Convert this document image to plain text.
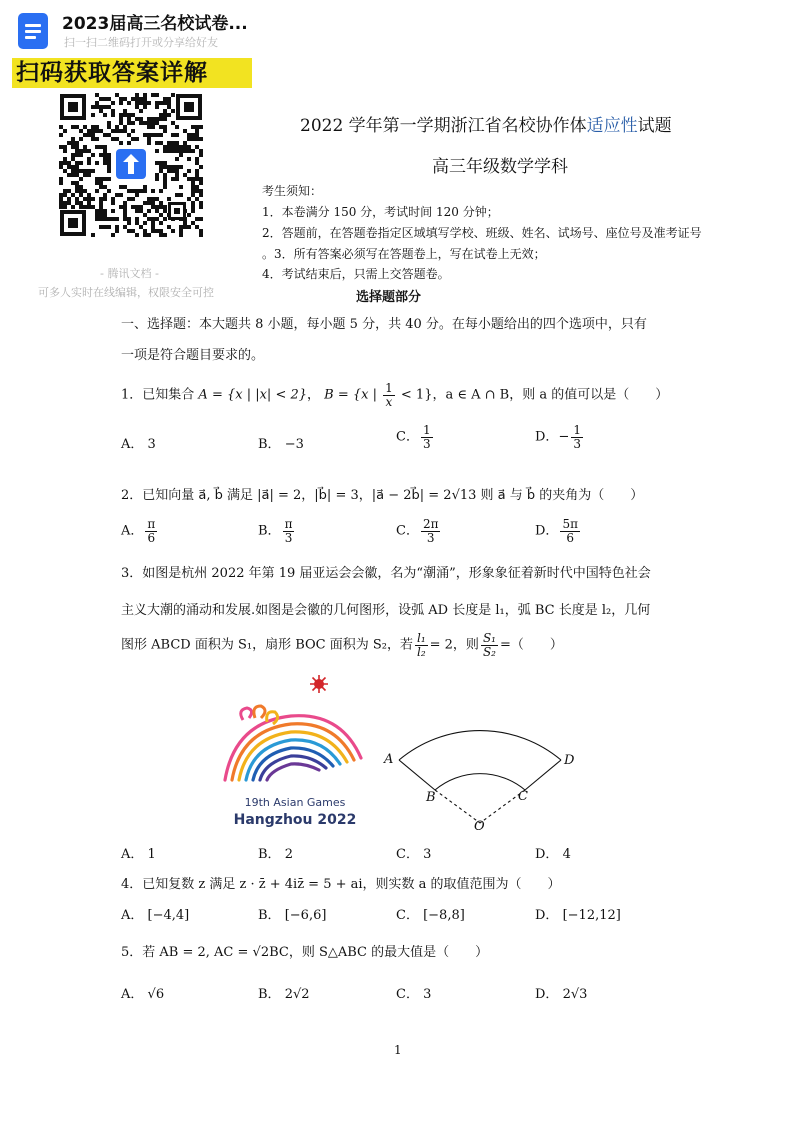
2023届高三名校试卷...
扫一扫二维码打开或分享给好友
扫码获取答案详解
- 腾讯文档 -
可多人实时在线编辑，权限安全可控
2022 学年第一学期浙江省名校协作体适应性试题
高三年级数学学科
考生须知：
1．本卷满分 150 分，考试时间 120 分钟；
2．答题前，在答题卷指定区域填写学校、班级、姓名、试场号、座位号及准考证号
。3．所有答案必须写在答题卷上，写在试卷上无效；
4．考试结束后，只需上交答题卷。
选择题部分
一、选择题：本大题共 8 小题，每小题 5 分，共 40 分。在每小题给出的四个选项中，只有
一项是符合题目要求的。
1．已知集合 A = {x | |x| < 2}， B = {x | $\frac{1}{x} < 1$}，a ∈ A ∩ B，则 a 的值可以是（　　）
A． 3	B． −3	C． $\frac{1}{3}$	D．− $\frac{1}{3}$
2．已知向量 a⃗, b⃗ 满足 |a⃗| = 2，|b⃗| = 3，|a⃗ − 2b⃗| = 2√13 则 a⃗ 与 b⃗ 的夹角为（　　）
A． $\frac{\pi}{6}$	B． $\frac{\pi}{3}$	C． $\frac{2\pi}{3}$	D． $\frac{5\pi}{6}$
3．如图是杭州 2022 年第 19 届亚运会会徽，名为“潮涌”，形象象征着新时代中国特色社会
主义大潮的涌动和发展.如图是会徽的几何图形，设弧 AD 长度是 l₁，弧 BC 长度是 l₂，几何
图形 ABCD 面积为 S₁，扇形 BOC 面积为 S₂，若 $\frac{\text{l₁}}{\text{l₂}} = 2$，则 $\frac{\text{S₁}}{\text{S₂}}$ =（　　）
19th Asian Games
Hangzhou 2022
A	D
B	C
O
A． 1	B． 2	C． 3	D． 4
4．已知复数 z 满足 z · z̄ + 4iz̄ = 5 + ai，则实数 a 的取值范围为（　　）
A． [−4,4]	B． [−6,6]	C． [−8,8]	D． [−12,12]
5．若 AB = 2, AC = √2BC，则 S△ABC 的最大值是（　　）
A． √6	B． 2√2	C． 3	D． 2√3
1
